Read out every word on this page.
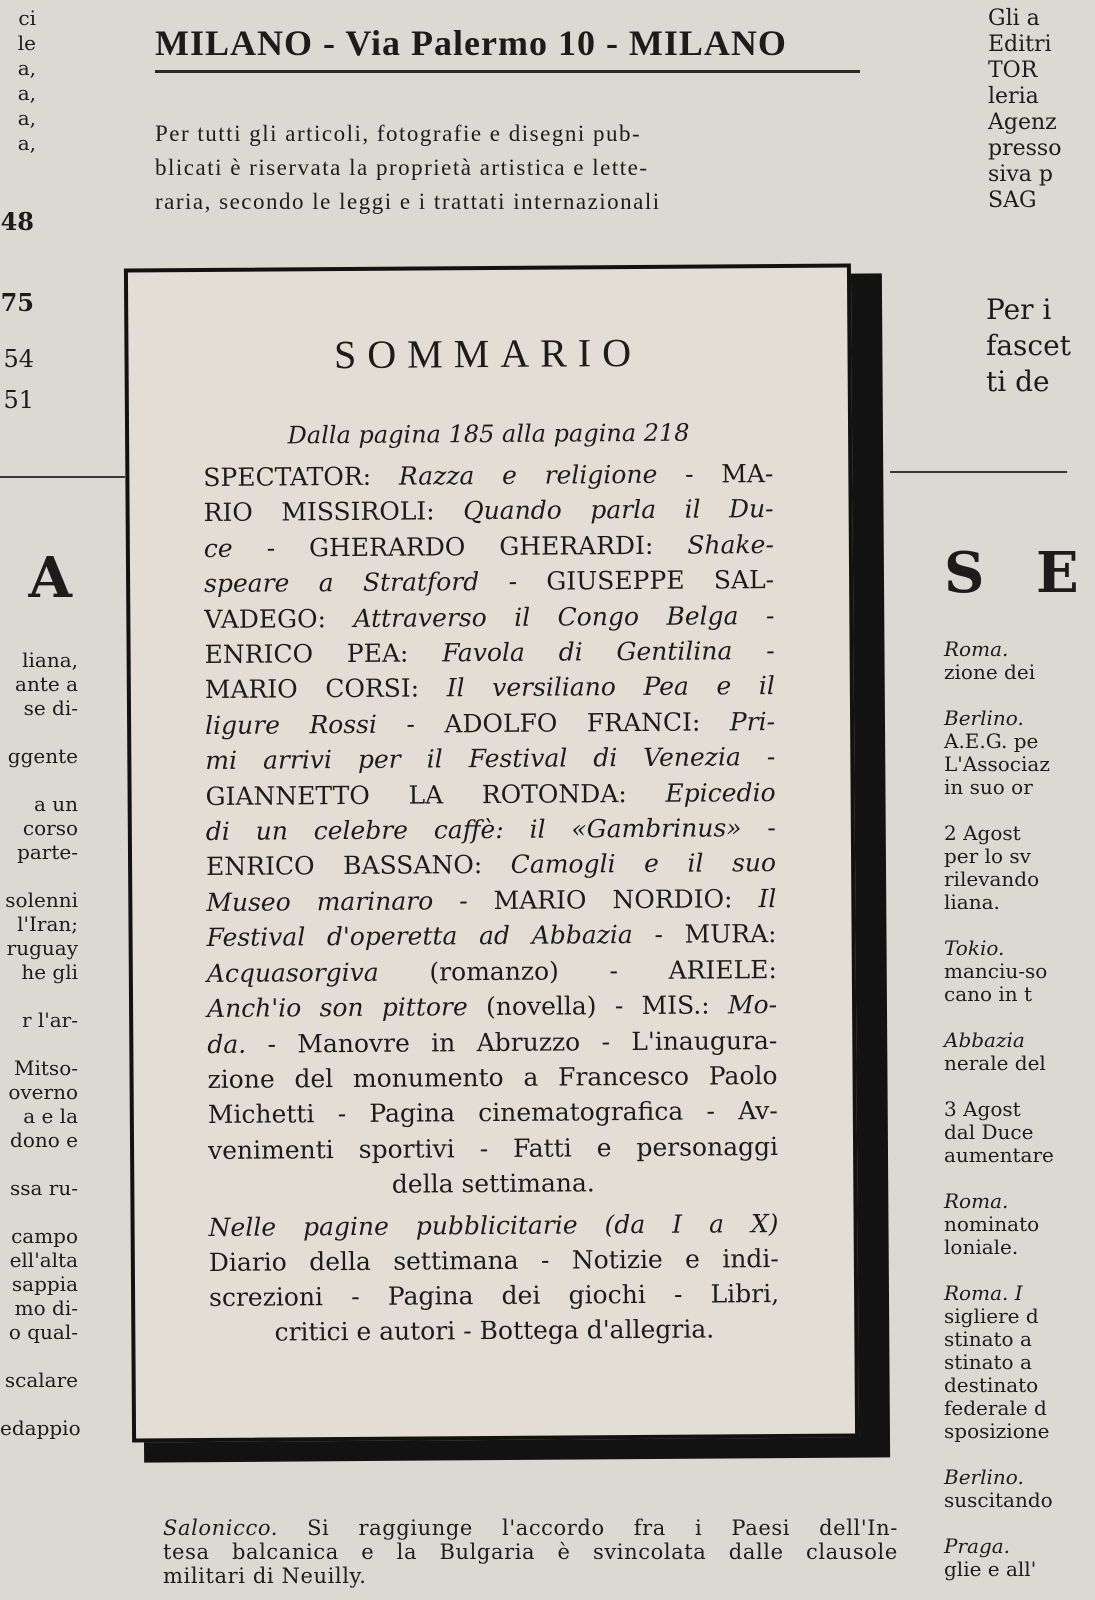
MILANO - Via Palermo 10 - MILANO
Per tutti gli articoli, fotografie e disegni pub-
blicati è riservata la proprietà artistica e lette-
raria, secondo le leggi e i trattati internazionali
ci
le
a,
a,
a,
a,
48
75
54
51
A
liana,
ante a
se di-

ggente

a un
corso
parte-

solenni
l'Iran;
ruguay
he gli

r l'ar-

Mitso-
overno
a e la
dono e

ssa ru-

campo
ell'alta
sappia
mo di-
o qual-

scalare

edappio
Gli a
Editri
TOR
leria
Agenz
presso
siva p
SAG
Per i
fascet
ti de
S E
Roma.
zione dei

Berlino.
A.E.G. pe
L'Associaz
in suo or

2 Agost
per lo sv
rilevando
liana.

Tokio.
manciu-so
cano in t

Abbazia
nerale del

3 Agost
dal Duce
aumentare

Roma.
nominato
loniale.

Roma. I
sigliere d
stinato a
stinato a
destinato
federale d
sposizione

Berlino.
suscitando

Praga.
glie e all'
SOMMARIO
Dalla pagina 185 alla pagina 218
SPECTATOR: Razza e religione - MA-
RIO MISSIROLI: Quando parla il Du-
ce - GHERARDO GHERARDI: Shake-
speare a Stratford - GIUSEPPE SAL-
VADEGO: Attraverso il Congo Belga -
ENRICO PEA: Favola di Gentilina -
MARIO CORSI: Il versiliano Pea e il
ligure Rossi - ADOLFO FRANCI: Pri-
mi arrivi per il Festival di Venezia -
GIANNETTO LA ROTONDA: Epicedio
di un celebre caffè: il «Gambrinus» -
ENRICO BASSANO: Camogli e il suo
Museo marinaro - MARIO NORDIO: Il
Festival d'operetta ad Abbazia - MURA:
Acquasorgiva (romanzo) - ARIELE:
Anch'io son pittore (novella) - MIS.: Mo-
da. - Manovre in Abruzzo - L'inaugura-
zione del monumento a Francesco Paolo
Michetti - Pagina cinematografica - Av-
venimenti sportivi - Fatti e personaggi
della settimana.
Nelle pagine pubblicitarie (da I a X)
Diario della settimana - Notizie e indi-
screzioni - Pagina dei giochi - Libri,
critici e autori - Bottega d'allegria.
Salonicco. Si raggiunge l'accordo fra i Paesi dell'In-
tesa balcanica e la Bulgaria è svincolata dalle clausole
militari di Neuilly.
